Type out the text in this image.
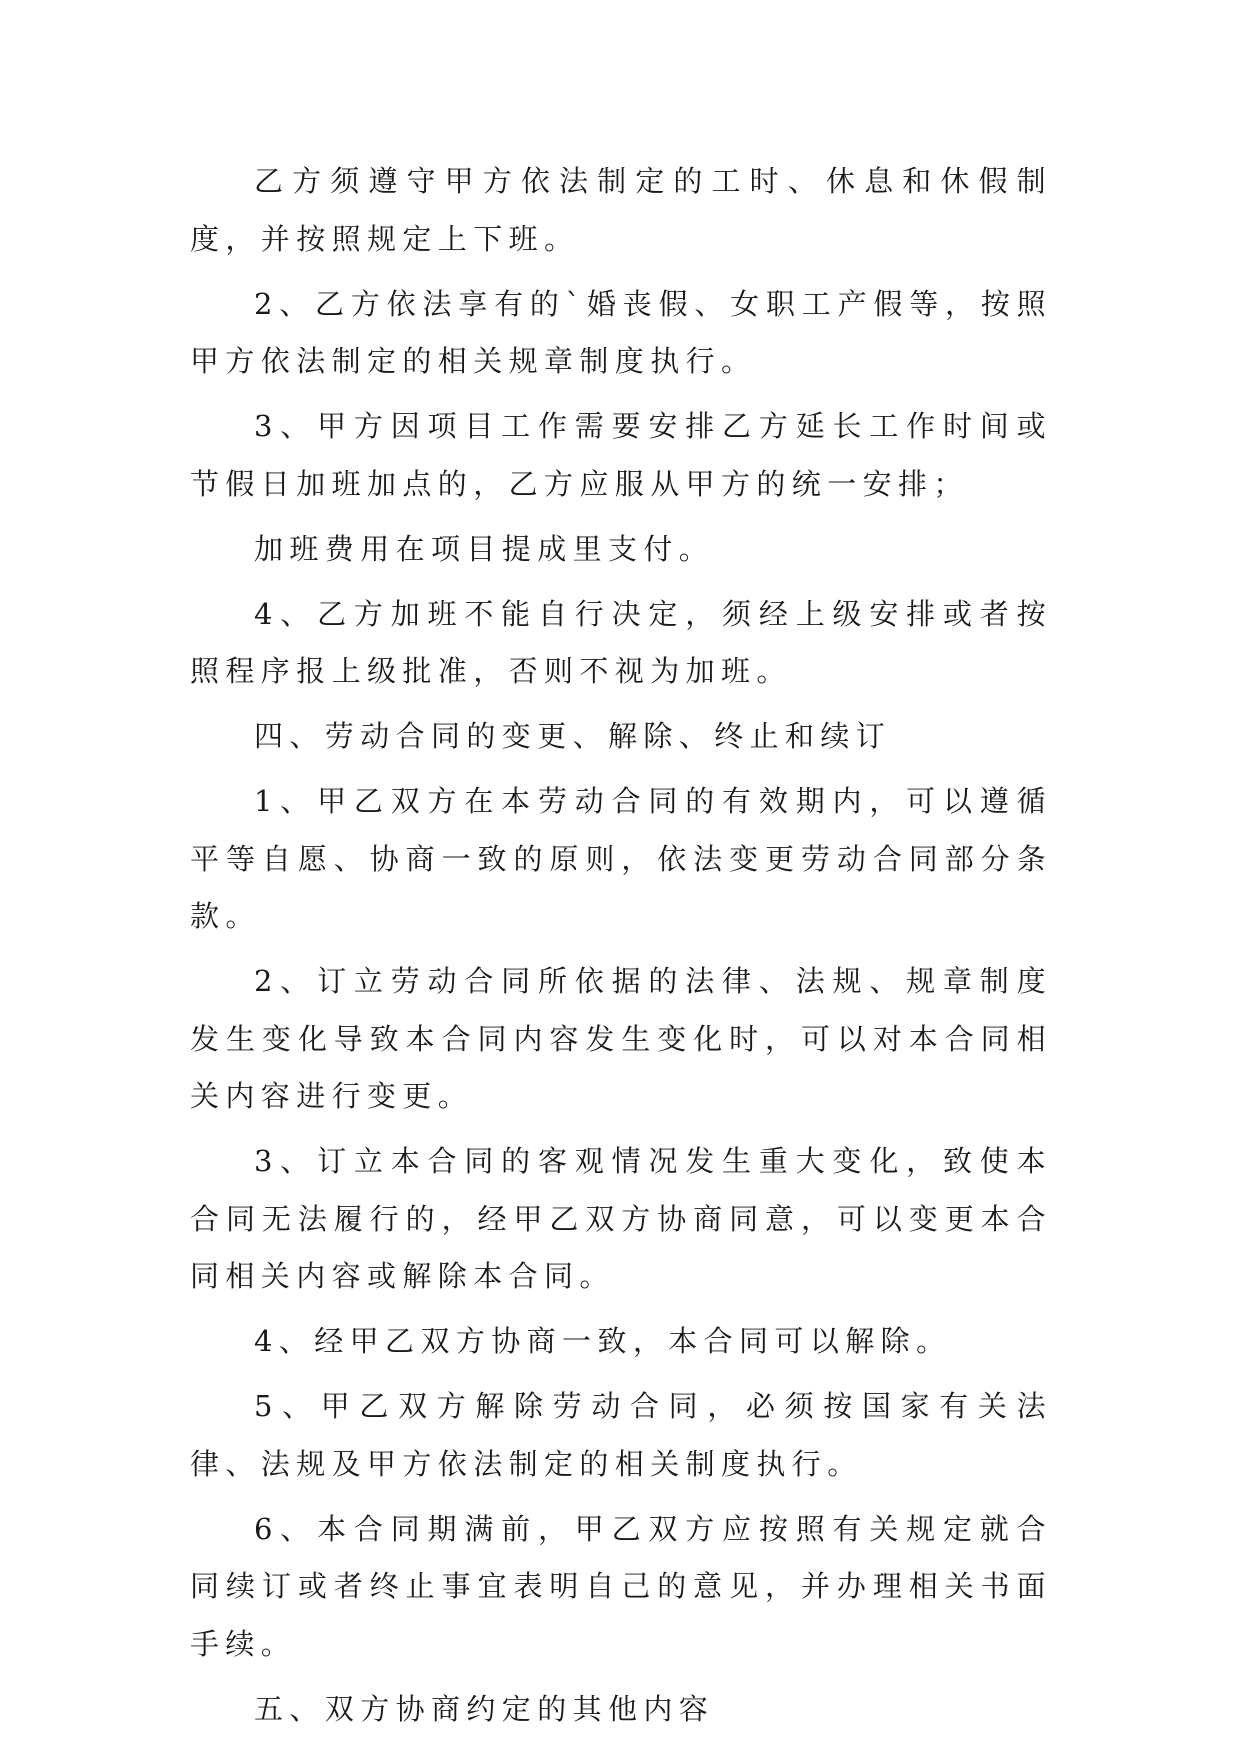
乙方须遵守甲方依法制定的工时、休息和休假制度，并按照规定上下班。

2、乙方依法享有的`婚丧假、女职工产假等，按照甲方依法制定的相关规章制度执行。

3、甲方因项目工作需要安排乙方延长工作时间或节假日加班加点的，乙方应服从甲方的统一安排；

加班费用在项目提成里支付。

4、乙方加班不能自行决定，须经上级安排或者按照程序报上级批准，否则不视为加班。

四、劳动合同的变更、解除、终止和续订

1、甲乙双方在本劳动合同的有效期内，可以遵循平等自愿、协商一致的原则，依法变更劳动合同部分条款。

2、订立劳动合同所依据的法律、法规、规章制度发生变化导致本合同内容发生变化时，可以对本合同相关内容进行变更。

3、订立本合同的客观情况发生重大变化，致使本合同无法履行的，经甲乙双方协商同意，可以变更本合同相关内容或解除本合同。

4、经甲乙双方协商一致，本合同可以解除。

5、甲乙双方解除劳动合同，必须按国家有关法律、法规及甲方依法制定的相关制度执行。

6、本合同期满前，甲乙双方应按照有关规定就合同续订或者终止事宜表明自己的意见，并办理相关书面手续。

五、双方协商约定的其他内容
